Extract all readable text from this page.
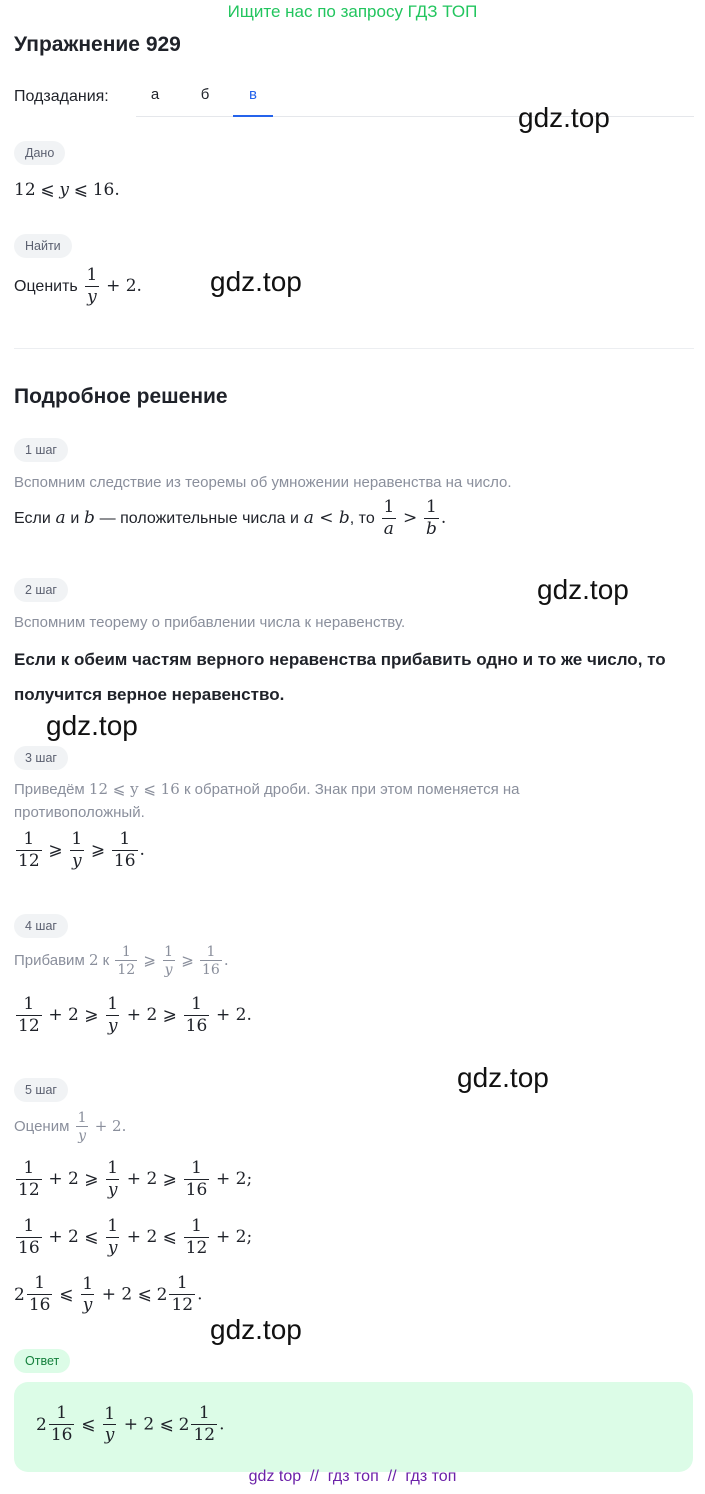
Ищите нас по запросу ГДЗ ТОП
Упражнение 929
Подзадания:	а	б	в
Дано
12 ⩽ y ⩽ 16.
Найти
Оценить $\frac{1}{y} + 2$.
Подробное решение
1 шаг
Вспомним следствие из теоремы об умножении неравенства на число.
Если a и b — положительные числа и a < b, то $\frac{1}{a} > \frac{1}{b}$ .
2 шаг
Вспомним теорему о прибавлении числа к неравенству.
Если к обеим частям верного неравенства прибавить одно и то же число, то
получится верное неравенство.
3 шаг
Приведём 12 ⩽ y ⩽ 16 к обратной дроби. Знак при этом поменяется на
противоположный.
$\frac{1}{12}$ ⩾ $\frac{1}{y}$ ⩾ $\frac{1}{16}$ .
4 шаг
Прибавим 2 к $\frac{1}{12}$ ⩾ $\frac{1}{y}$ ⩾ $\frac{1}{16}$ .
$\frac{1}{12} + 2$ ⩾ $\frac{1}{y} + 2$ ⩾ $\frac{1}{16} + 2$.
5 шаг
Оценим $\frac{1}{y} + 2$.
$\frac{1}{12} + 2$ ⩾ $\frac{1}{y} + 2$ ⩾ $\frac{1}{16} + 2$;
$\frac{1}{16} + 2$ ⩽ $\frac{1}{y} + 2$ ⩽ $\frac{1}{12} + 2$;
$2 \frac{1}{16}$ ⩽ $\frac{1}{y} + 2$ ⩽ $2 \frac{1}{12}$ .
Ответ
$2 \frac{1}{16}$ ⩽ $\frac{1}{y} + 2$ ⩽ $2 \frac{1}{12}$ .
gdz.top
gdz.top
gdz.top
gdz.top
gdz.top
gdz.top
gdz top  //  гдз топ  //  гдз топ
